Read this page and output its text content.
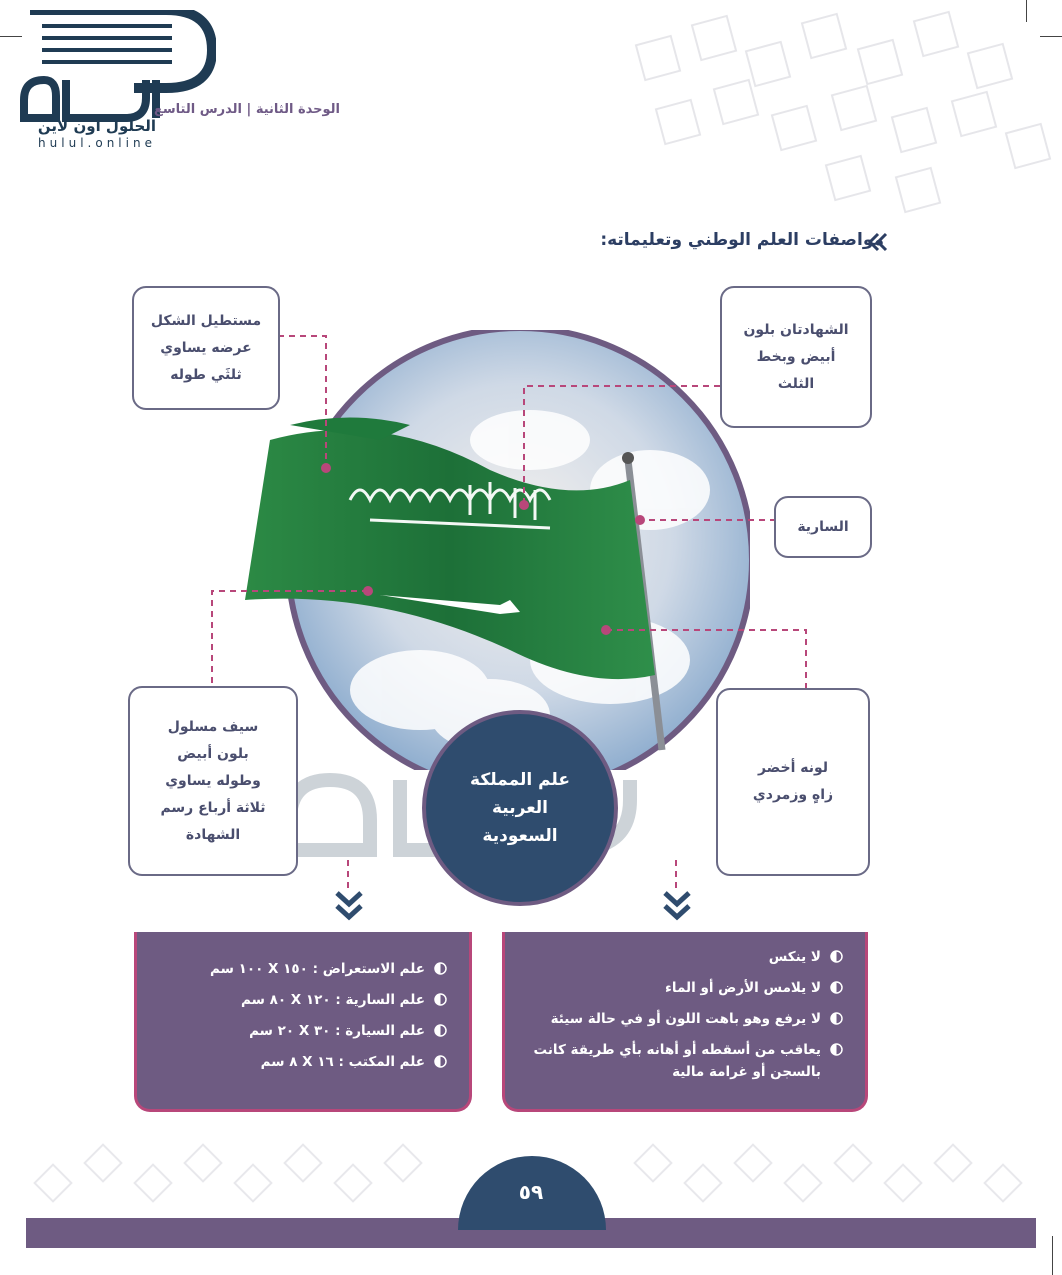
الحلول اون لاين
hulul.online
الوحدة الثانية | الدرس التاسع
مواصفات العلم الوطني وتعليماته:
مستطيل الشكل
عرضه يساوي
ثلثَي طوله
الشهادتان بلون
أبيض وبخط
الثلث
السارية
سيف مسلول
بلون أبيض
وطوله يساوي
ثلاثة أرباع رسم
الشهادة
لونه أخضر
زاهٍ وزمردي
علم المملكة
العربية
السعودية
علم الاستعراض : ١٥٠ X ١٠٠ سم
علم السارية : ١٢٠ X ٨٠ سم
علم السيارة : ٣٠ X ٢٠ سم
علم المكتب : ١٦ X ٨ سم
لا ينكس
لا يلامس الأرض أو الماء
لا يرفع وهو باهت اللون أو في حالة سيئة
يعاقب من أسقطه أو أهانه بأي طريقة كانت بالسجن أو غرامة مالية
٥٩
